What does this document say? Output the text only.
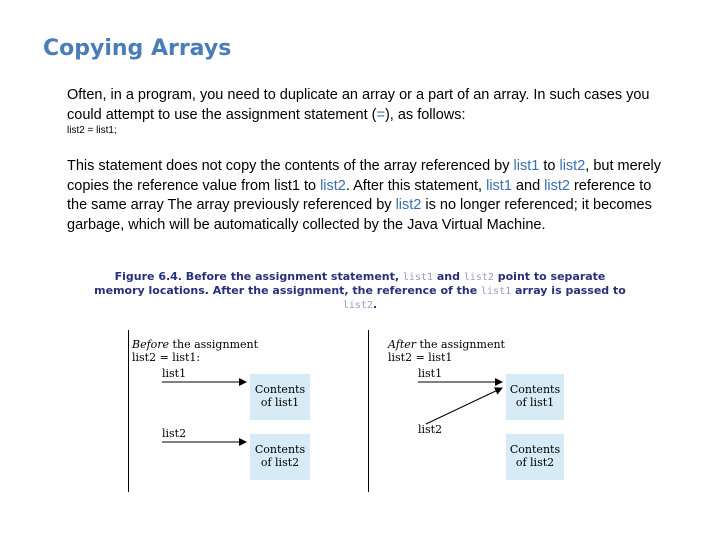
Copying Arrays

Often, in a program, you need to duplicate an array or a part of an array. In such cases you could attempt to use the assignment statement (=), as follows:

list2 = list1;

This statement does not copy the contents of the array referenced by list1 to list2, but merely copies the reference value from list1 to list2. After this statement, list1 and list2 reference to the same array The array previously referenced by list2 is no longer referenced; it becomes garbage, which will be automatically collected by the Java Virtual Machine.

Figure 6.4. Before the assignment statement, list1 and list2 point to separate memory locations. After the assignment, the reference of the list1 array is passed to list2.

Before the assignment
list2 = list1:
list1
list2
Contents
of list1
Contents
of list2
After the assignment
list2 = list1
list1
list2
Contents
of list1
Contents
of list2
